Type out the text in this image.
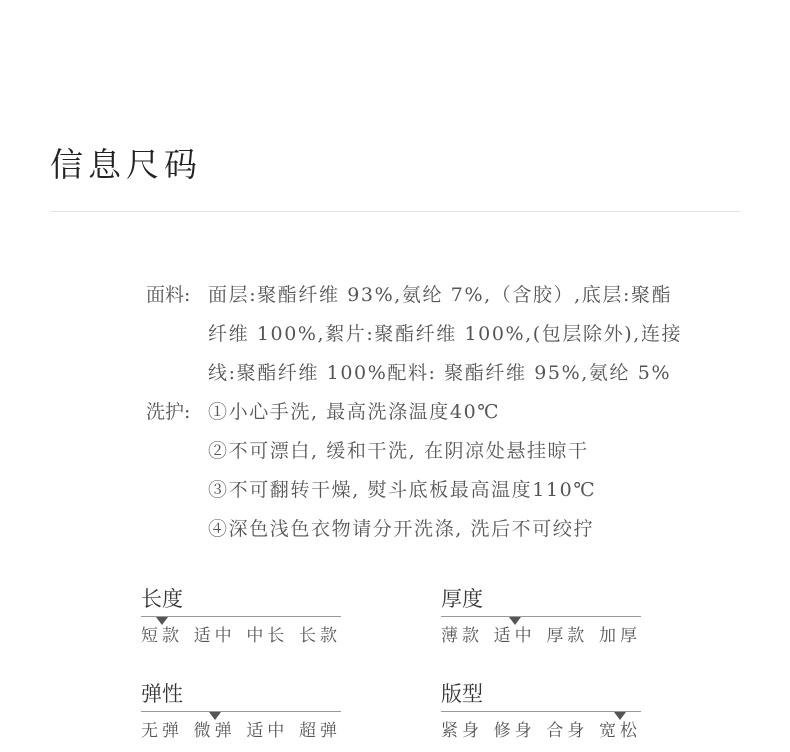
信息尺码
面料: 面层:聚酯纤维 93%,氨纶 7%,（含胶）,底层:聚酯
纤维 100%,絮片:聚酯纤维 100%,(包层除外),连接
线:聚酯纤维 100%配料: 聚酯纤维 95%,氨纶 5%
洗护: ①小心手洗, 最高洗涤温度40℃
②不可漂白, 缓和干洗, 在阴凉处悬挂晾干
③不可翻转干燥, 熨斗底板最高温度110℃
④深色浅色衣物请分开洗涤, 洗后不可绞拧
长度
短款 适中 中长 长款
厚度
薄款 适中 厚款 加厚
弹性
无弹 微弹 适中 超弹
版型
紧身 修身 合身 宽松
